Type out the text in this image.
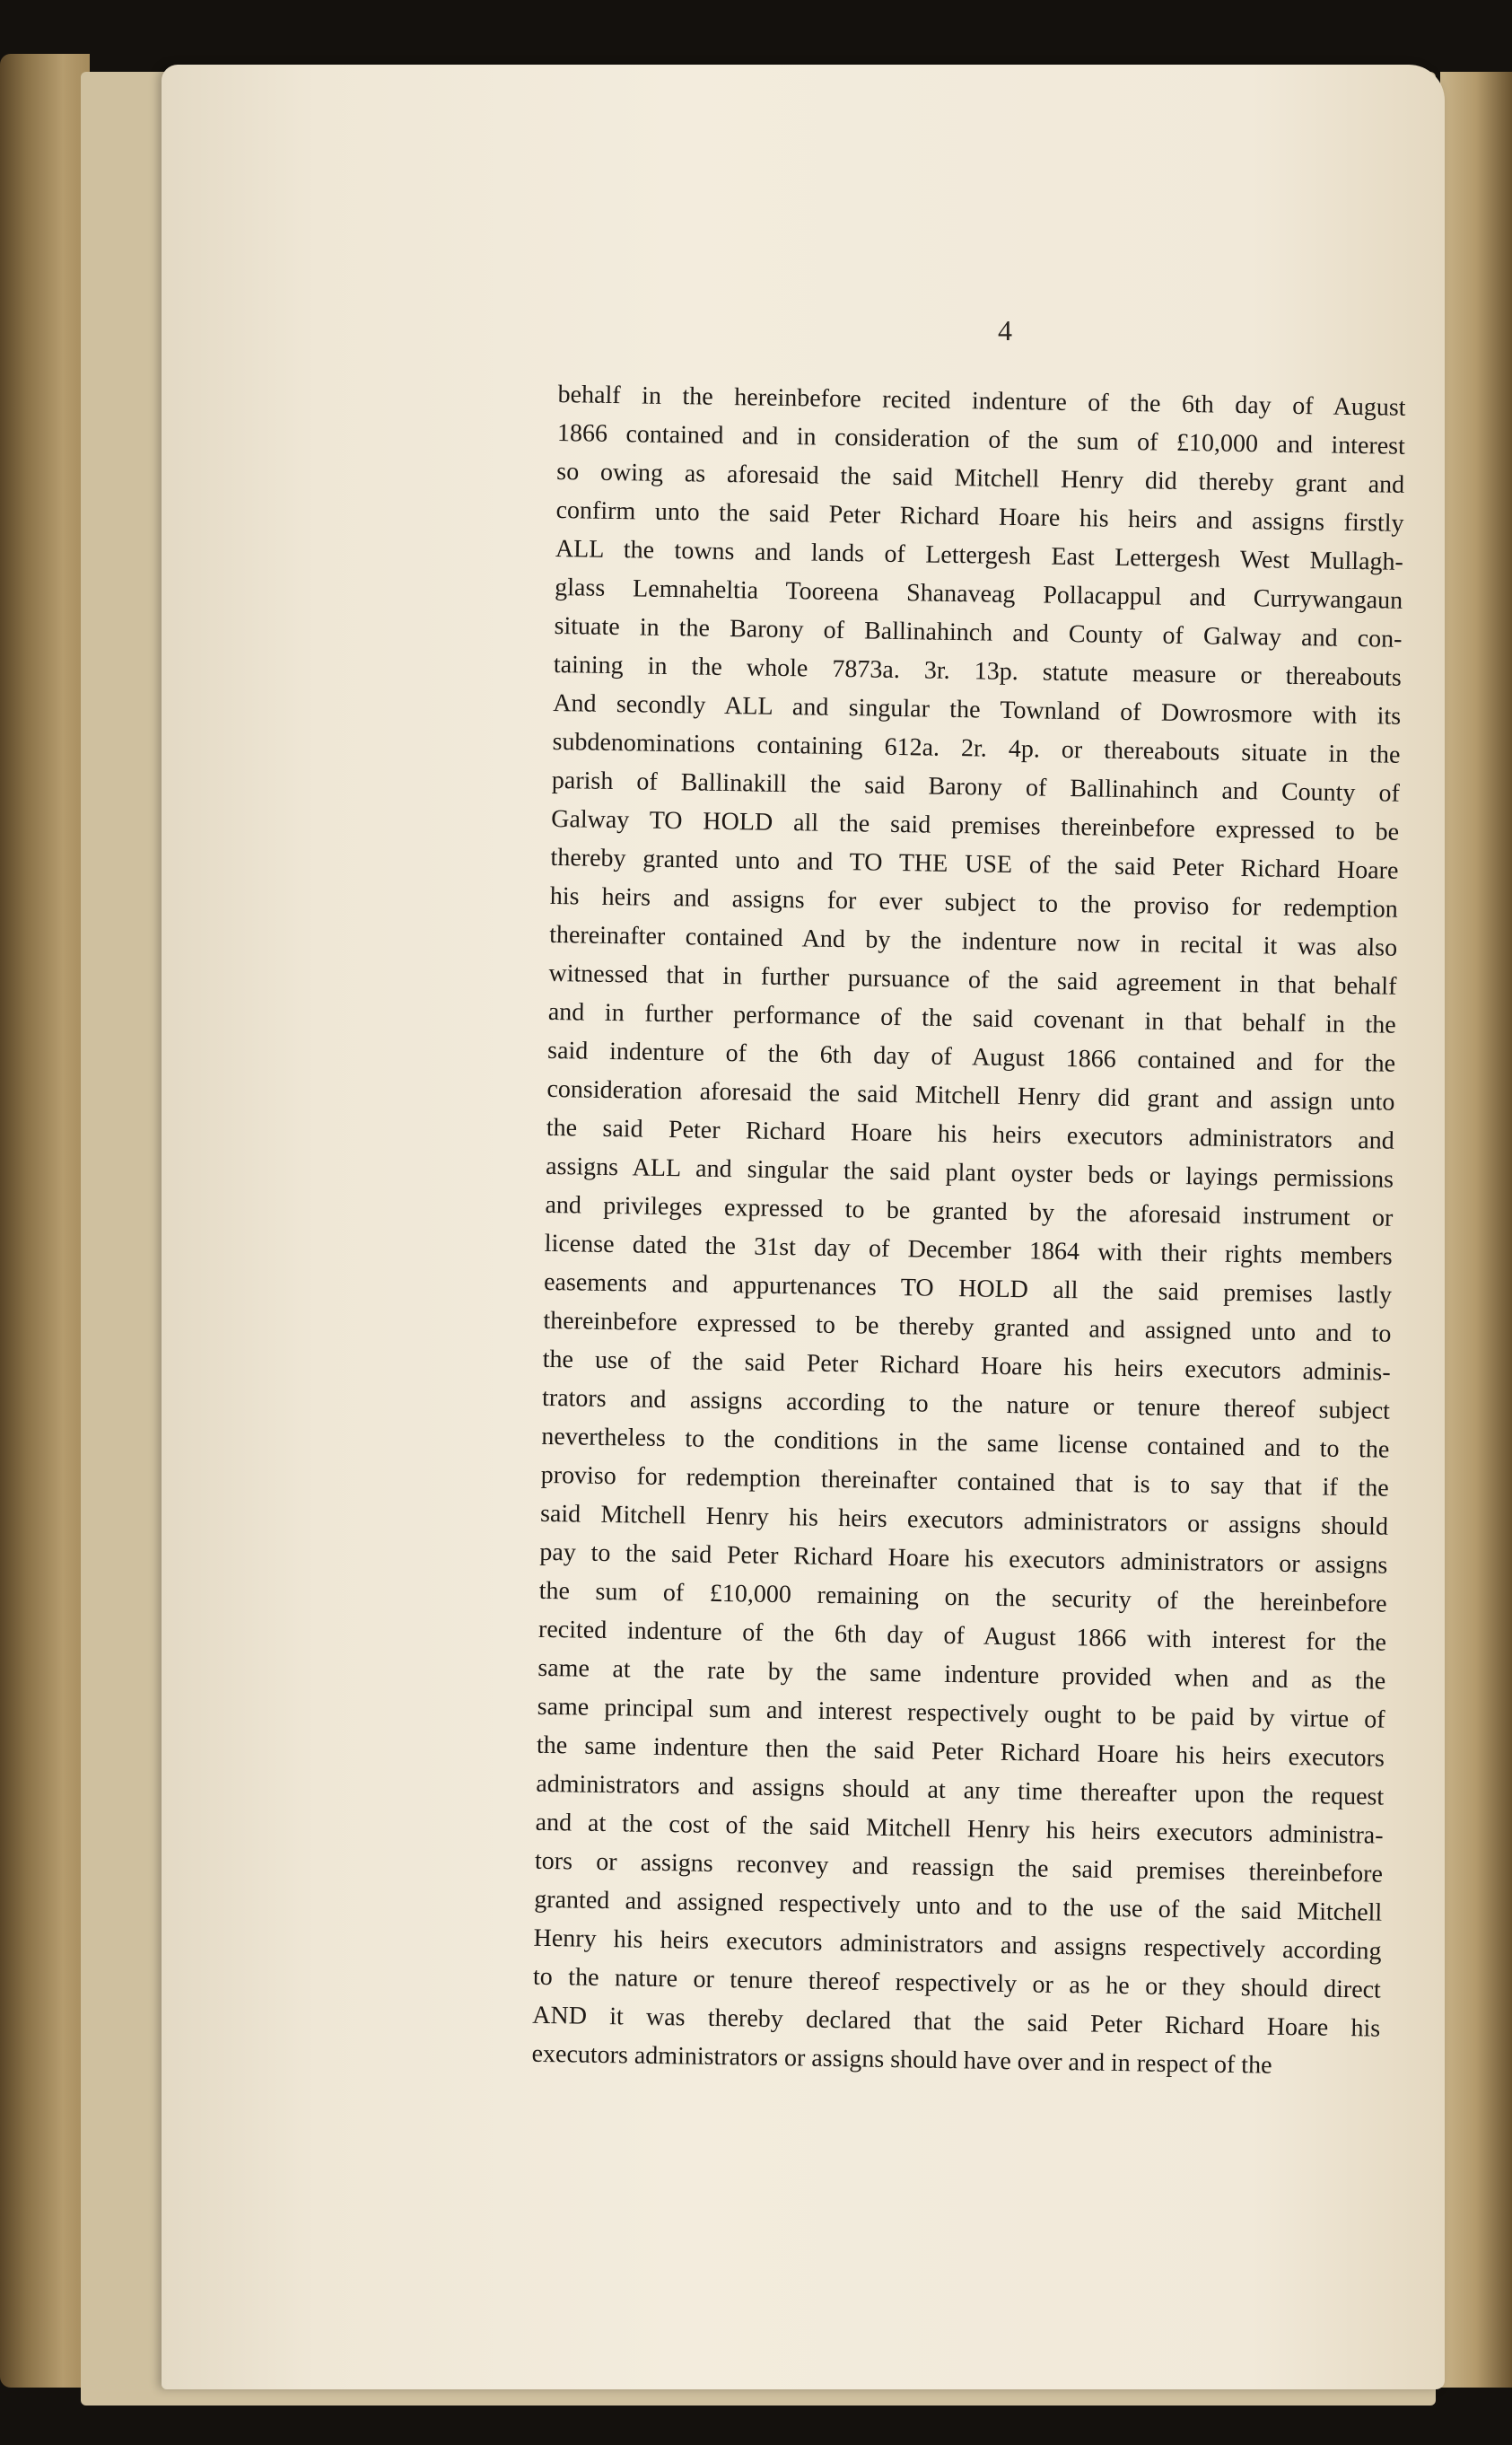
4
behalf in the hereinbefore recited indenture of the 6th day of August
1866 contained and in consideration of the sum of £10,000 and interest
so owing as aforesaid the said Mitchell Henry did thereby grant and
confirm unto the said Peter Richard Hoare his heirs and assigns firstly
ALL the towns and lands of Lettergesh East Lettergesh West Mullagh-
glass Lemnaheltia Tooreena Shanaveag Pollacappul and Currywangaun
situate in the Barony of Ballinahinch and County of Galway and con-
taining in the whole 7873a. 3r. 13p. statute measure or thereabouts
And secondly ALL and singular the Townland of Dowrosmore with its
subdenominations containing 612a. 2r. 4p. or thereabouts situate in the
parish of Ballinakill the said Barony of Ballinahinch and County of
Galway TO HOLD all the said premises thereinbefore expressed to be
thereby granted unto and TO THE USE of the said Peter Richard Hoare
his heirs and assigns for ever subject to the proviso for redemption
thereinafter contained And by the indenture now in recital it was also
witnessed that in further pursuance of the said agreement in that behalf
and in further performance of the said covenant in that behalf in the
said indenture of the 6th day of August 1866 contained and for the
consideration aforesaid the said Mitchell Henry did grant and assign unto
the said Peter Richard Hoare his heirs executors administrators and
assigns ALL and singular the said plant oyster beds or layings permissions
and privileges expressed to be granted by the aforesaid instrument or
license dated the 31st day of December 1864 with their rights members
easements and appurtenances TO HOLD all the said premises lastly
thereinbefore expressed to be thereby granted and assigned unto and to
the use of the said Peter Richard Hoare his heirs executors adminis-
trators and assigns according to the nature or tenure thereof subject
nevertheless to the conditions in the same license contained and to the
proviso for redemption thereinafter contained that is to say that if the
said Mitchell Henry his heirs executors administrators or assigns should
pay to the said Peter Richard Hoare his executors administrators or assigns
the sum of £10,000 remaining on the security of the hereinbefore
recited indenture of the 6th day of August 1866 with interest for the
same at the rate by the same indenture provided when and as the
same principal sum and interest respectively ought to be paid by virtue of
the same indenture then the said Peter Richard Hoare his heirs executors
administrators and assigns should at any time thereafter upon the request
and at the cost of the said Mitchell Henry his heirs executors administra-
tors or assigns reconvey and reassign the said premises thereinbefore
granted and assigned respectively unto and to the use of the said Mitchell
Henry his heirs executors administrators and assigns respectively according
to the nature or tenure thereof respectively or as he or they should direct
AND it was thereby declared that the said Peter Richard Hoare his
executors administrators or assigns should have over and in respect of the
